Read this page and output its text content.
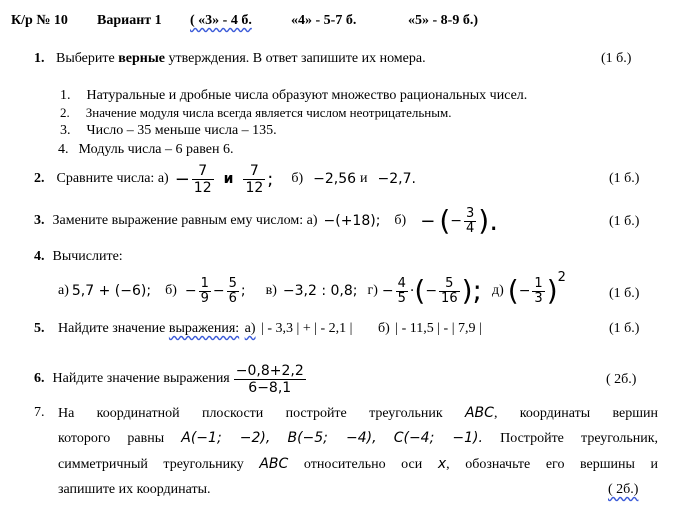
К/р № 10 Вариант 1 ( «3» - 4 б.	«4» - 5-7 б.	«5» - 8-9 б.)
1. Выберите верные утверждения. В ответ запишите их номера.	(1 б.)
1. Натуральные и дробные числа образуют множество рациональных чисел.
2. Значение модуля числа всегда является числом неотрицательным.
3. Число – 35 меньше числа – 135.
4. Модуль числа – 6 равен 6.
2. Сравните числа: $а) - \frac{7}{12}$ и $\frac{7}{12}$ ; б) −2,56 и −2,7.	(1 б.)
3. Замените выражение равным ему числом: а) −(+18); б) − ( − $\frac{3}{4}$ ).	(1 б.)
4. Вычислите:
а) 5,7 + (−6); $б) - \frac{1}{9} - \frac{5}{6}$ ; в) −3,2 : 0,8; $г) - \frac{4}{5}$ · ( − $\frac{5}{16}$ ); д) ( − $\frac{1}{3}$ ) 2
(1 б.)
5. Найдите значение выражения: а) | - 3,3 | + | - 2,1 | б) | - 11,5 | - | 7,9 |	(1 б.)
6. Найдите значение выражения $\frac{-0,8+2,2}{6-8,1}$	( 2б.)
7. На координатной плоскости постройте треугольник ABC, координаты вершин
которого равны A(−1; −2), B(−5; −4), C(−4; −1). Постройте треугольник,
симметричный треугольнику ABC относительно оси x, обозначьте его вершины и
запишите их координаты.	( 2б.)
